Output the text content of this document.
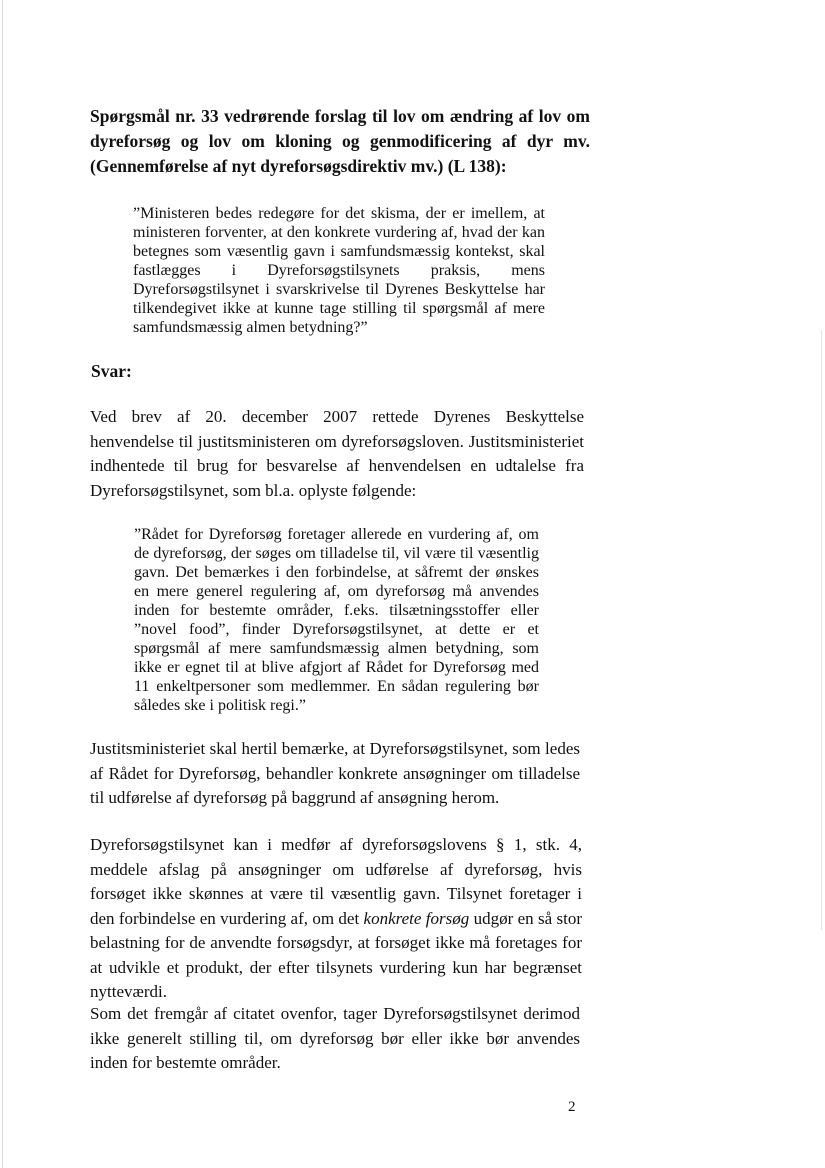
Spørgsmål nr. 33 vedrørende forslag til lov om ændring af lov om dyreforsøg og lov om kloning og genmodificering af dyr mv. (Gennemførelse af nyt dyreforsøgsdirektiv mv.) (L 138):

”Ministeren bedes redegøre for det skisma, der er imellem, at ministeren forventer, at den konkrete vurdering af, hvad der kan betegnes som væsentlig gavn i samfundsmæssig kontekst, skal fastlægges i Dyreforsøgstilsynets praksis, mens Dyreforsøgstilsynet i svarskrivelse til Dyrenes Beskyttelse har tilkendegivet ikke at kunne tage stilling til spørgsmål af mere samfundsmæssig almen betydning?”

Svar:

Ved brev af 20. december 2007 rettede Dyrenes Beskyttelse henvendelse til justitsministeren om dyreforsøgsloven. Justitsministeriet indhentede til brug for besvarelse af henvendelsen en udtalelse fra Dyreforsøgstilsynet, som bl.a. oplyste følgende:

”Rådet for Dyreforsøg foretager allerede en vurdering af, om de dyreforsøg, der søges om tilladelse til, vil være til væsentlig gavn. Det bemærkes i den forbindelse, at såfremt der ønskes en mere generel regulering af, om dyreforsøg må anvendes inden for bestemte områder, f.eks. tilsætningsstoffer eller ”novel food”, finder Dyreforsøgstilsynet, at dette er et spørgsmål af mere samfundsmæssig almen betydning, som ikke er egnet til at blive afgjort af Rådet for Dyreforsøg med 11 enkeltpersoner som medlemmer. En sådan regulering bør således ske i politisk regi.”

Justitsministeriet skal hertil bemærke, at Dyreforsøgstilsynet, som ledes af Rådet for Dyreforsøg, behandler konkrete ansøgninger om tilladelse til udførelse af dyreforsøg på baggrund af ansøgning herom.

Dyreforsøgstilsynet kan i medfør af dyreforsøgslovens § 1, stk. 4, meddele afslag på ansøgninger om udførelse af dyreforsøg, hvis forsøget ikke skønnes at være til væsentlig gavn. Tilsynet foretager i den forbindelse en vurdering af, om det konkrete forsøg udgør en så stor belastning for de anvendte forsøgsdyr, at forsøget ikke må foretages for at udvikle et produkt, der efter tilsynets vurdering kun har begrænset nytteværdi.

Som det fremgår af citatet ovenfor, tager Dyreforsøgstilsynet derimod ikke generelt stilling til, om dyreforsøg bør eller ikke bør anvendes inden for bestemte områder.

2
